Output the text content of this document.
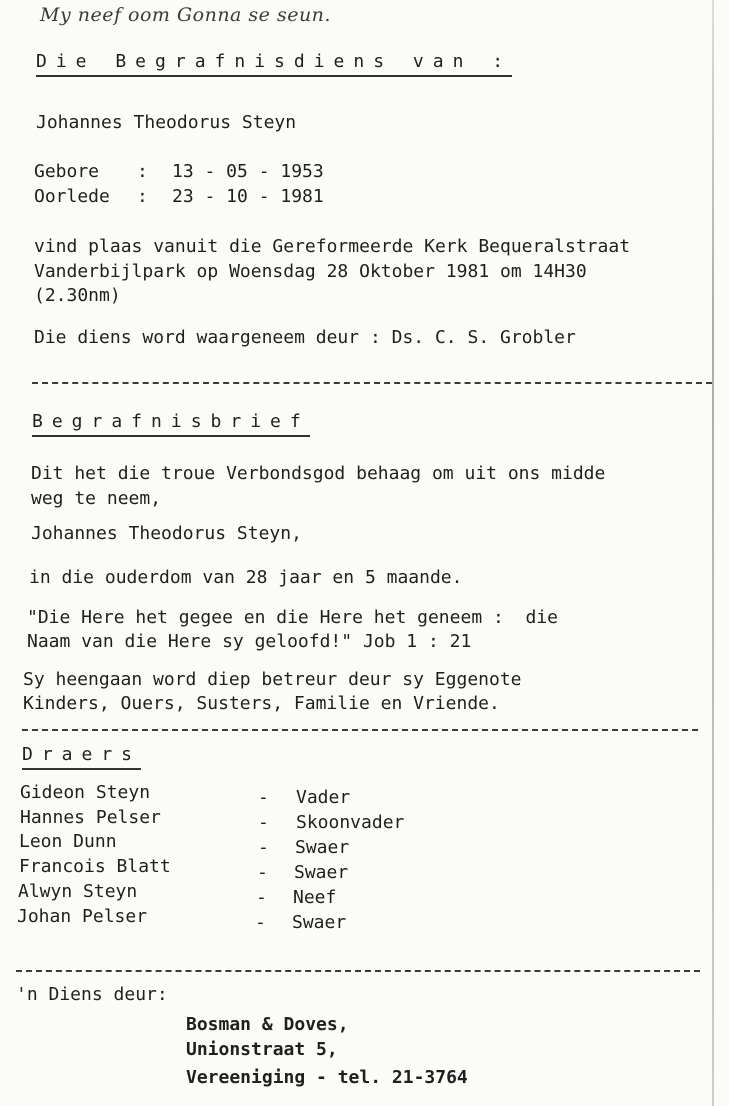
My neef oom Gonna se seun.
Die Begrafnisdiens van :
Johannes Theodorus Steyn
Gebore : 13 - 05 - 1953
Oorlede : 23 - 10 - 1981
vind plaas vanuit die Gereformeerde Kerk Bequeralstraat
Vanderbijlpark op Woensdag 28 Oktober 1981 om 14H30
(2.30nm)
Die diens word waargeneem deur : Ds. C. S. Grobler
Begrafnisbrief
Dit het die troue Verbondsgod behaag om uit ons midde
weg te neem,
Johannes Theodorus Steyn,
in die ouderdom van 28 jaar en 5 maande.
"Die Here het gegee en die Here het geneem :  die
Naam van die Here sy geloofd!" Job 1 : 21
Sy heengaan word diep betreur deur sy Eggenote
Kinders, Ouers, Susters, Familie en Vriende.
Draers
Gideon Steyn	- Vader
Hannes Pelser	- Skoonvader
Leon Dunn	- Swaer
Francois Blatt	- Swaer
Alwyn Steyn	- Neef
Johan Pelser	- Swaer
'n Diens deur:
Bosman & Doves,
Unionstraat 5,
Vereeniging - tel. 21-3764
